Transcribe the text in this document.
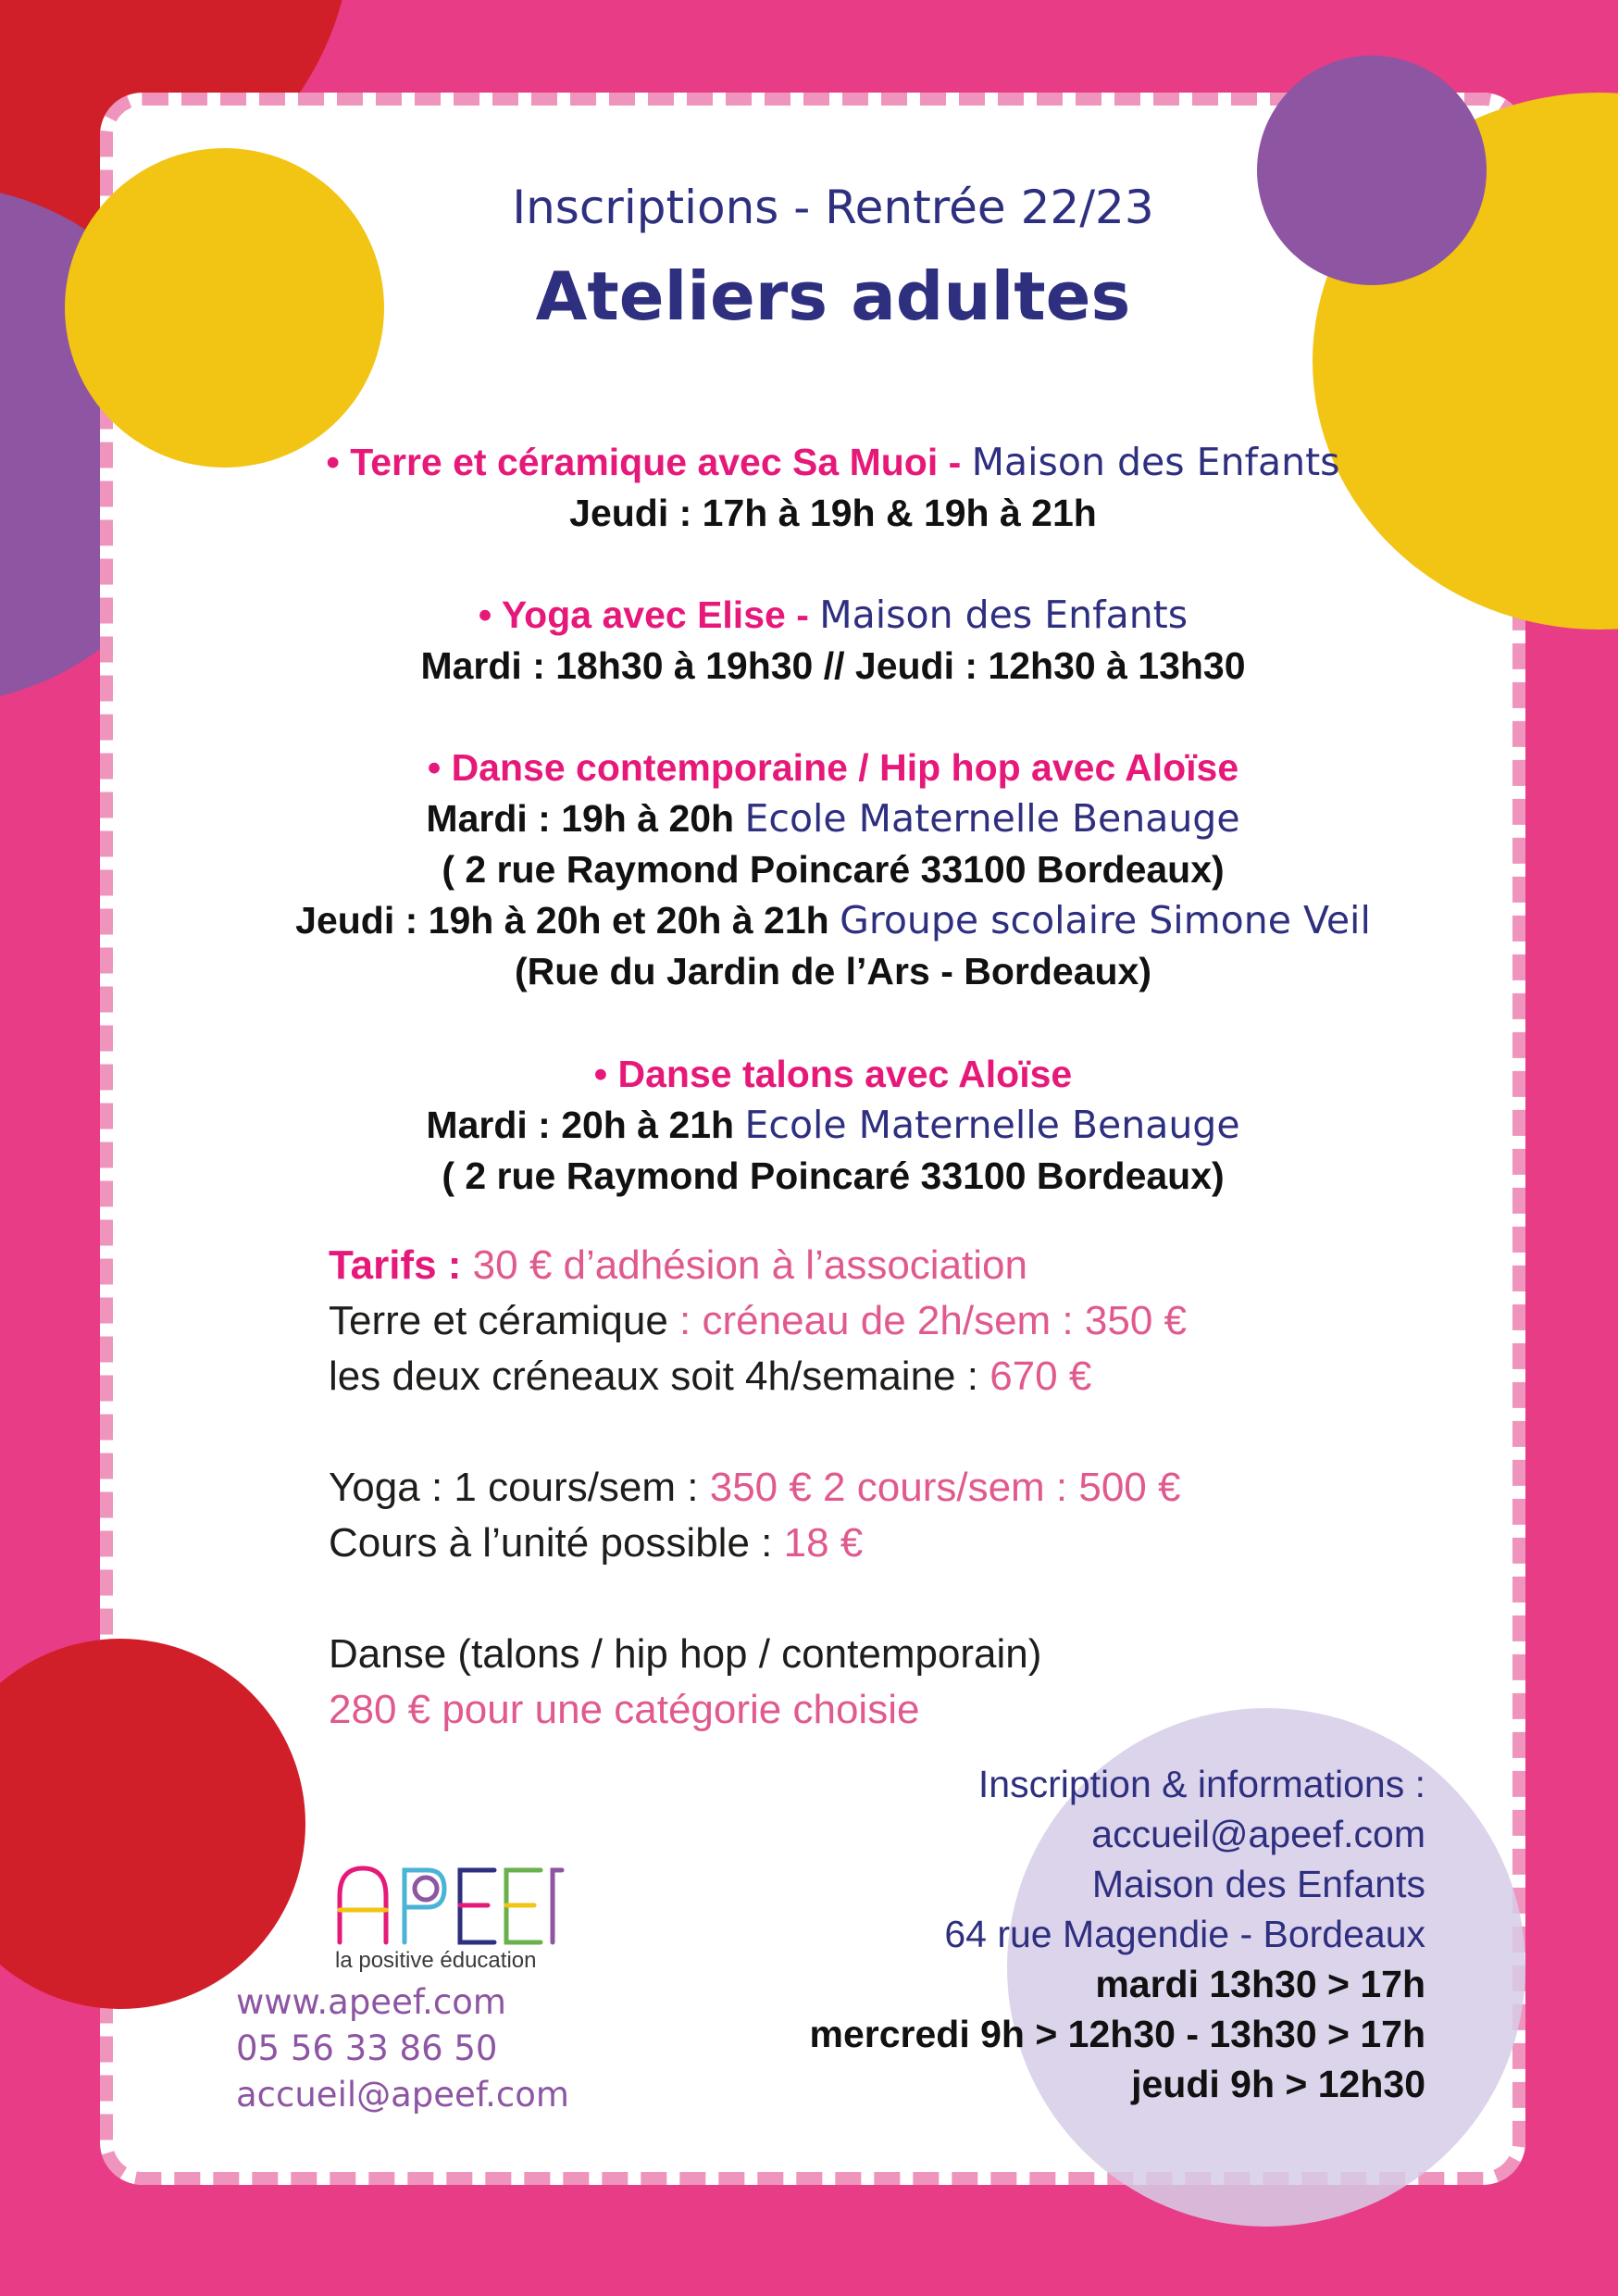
Inscriptions - Rentrée 22/23
Ateliers adultes
• Terre et céramique avec Sa Muoi - Maison des Enfants
Jeudi : 17h à 19h & 19h à 21h
• Yoga avec Elise - Maison des Enfants
Mardi : 18h30 à 19h30 // Jeudi : 12h30 à 13h30
• Danse contemporaine / Hip hop avec Aloïse
Mardi : 19h à 20h Ecole Maternelle Benauge
( 2 rue Raymond Poincaré 33100 Bordeaux)
Jeudi : 19h à 20h et 20h à 21h Groupe scolaire Simone Veil
(Rue du Jardin de l’Ars - Bordeaux)
• Danse talons avec Aloïse
Mardi : 20h à 21h Ecole Maternelle Benauge
( 2 rue Raymond Poincaré 33100 Bordeaux)
Tarifs : 30 € d’adhésion à l’association
Terre et céramique : créneau de 2h/sem : 350 €
les deux créneaux soit 4h/semaine : 670 €
Yoga : 1 cours/sem : 350 € 2 cours/sem : 500 €
Cours à l’unité possible : 18 €
Danse (talons / hip hop / contemporain)
280 € pour une catégorie choisie
Inscription & informations :
accueil@apeef.com
Maison des Enfants
64 rue Magendie - Bordeaux
mardi 13h30 > 17h
mercredi 9h > 12h30 - 13h30 > 17h
jeudi 9h > 12h30
la positive éducation
www.apeef.com
05 56 33 86 50
accueil@apeef.com
